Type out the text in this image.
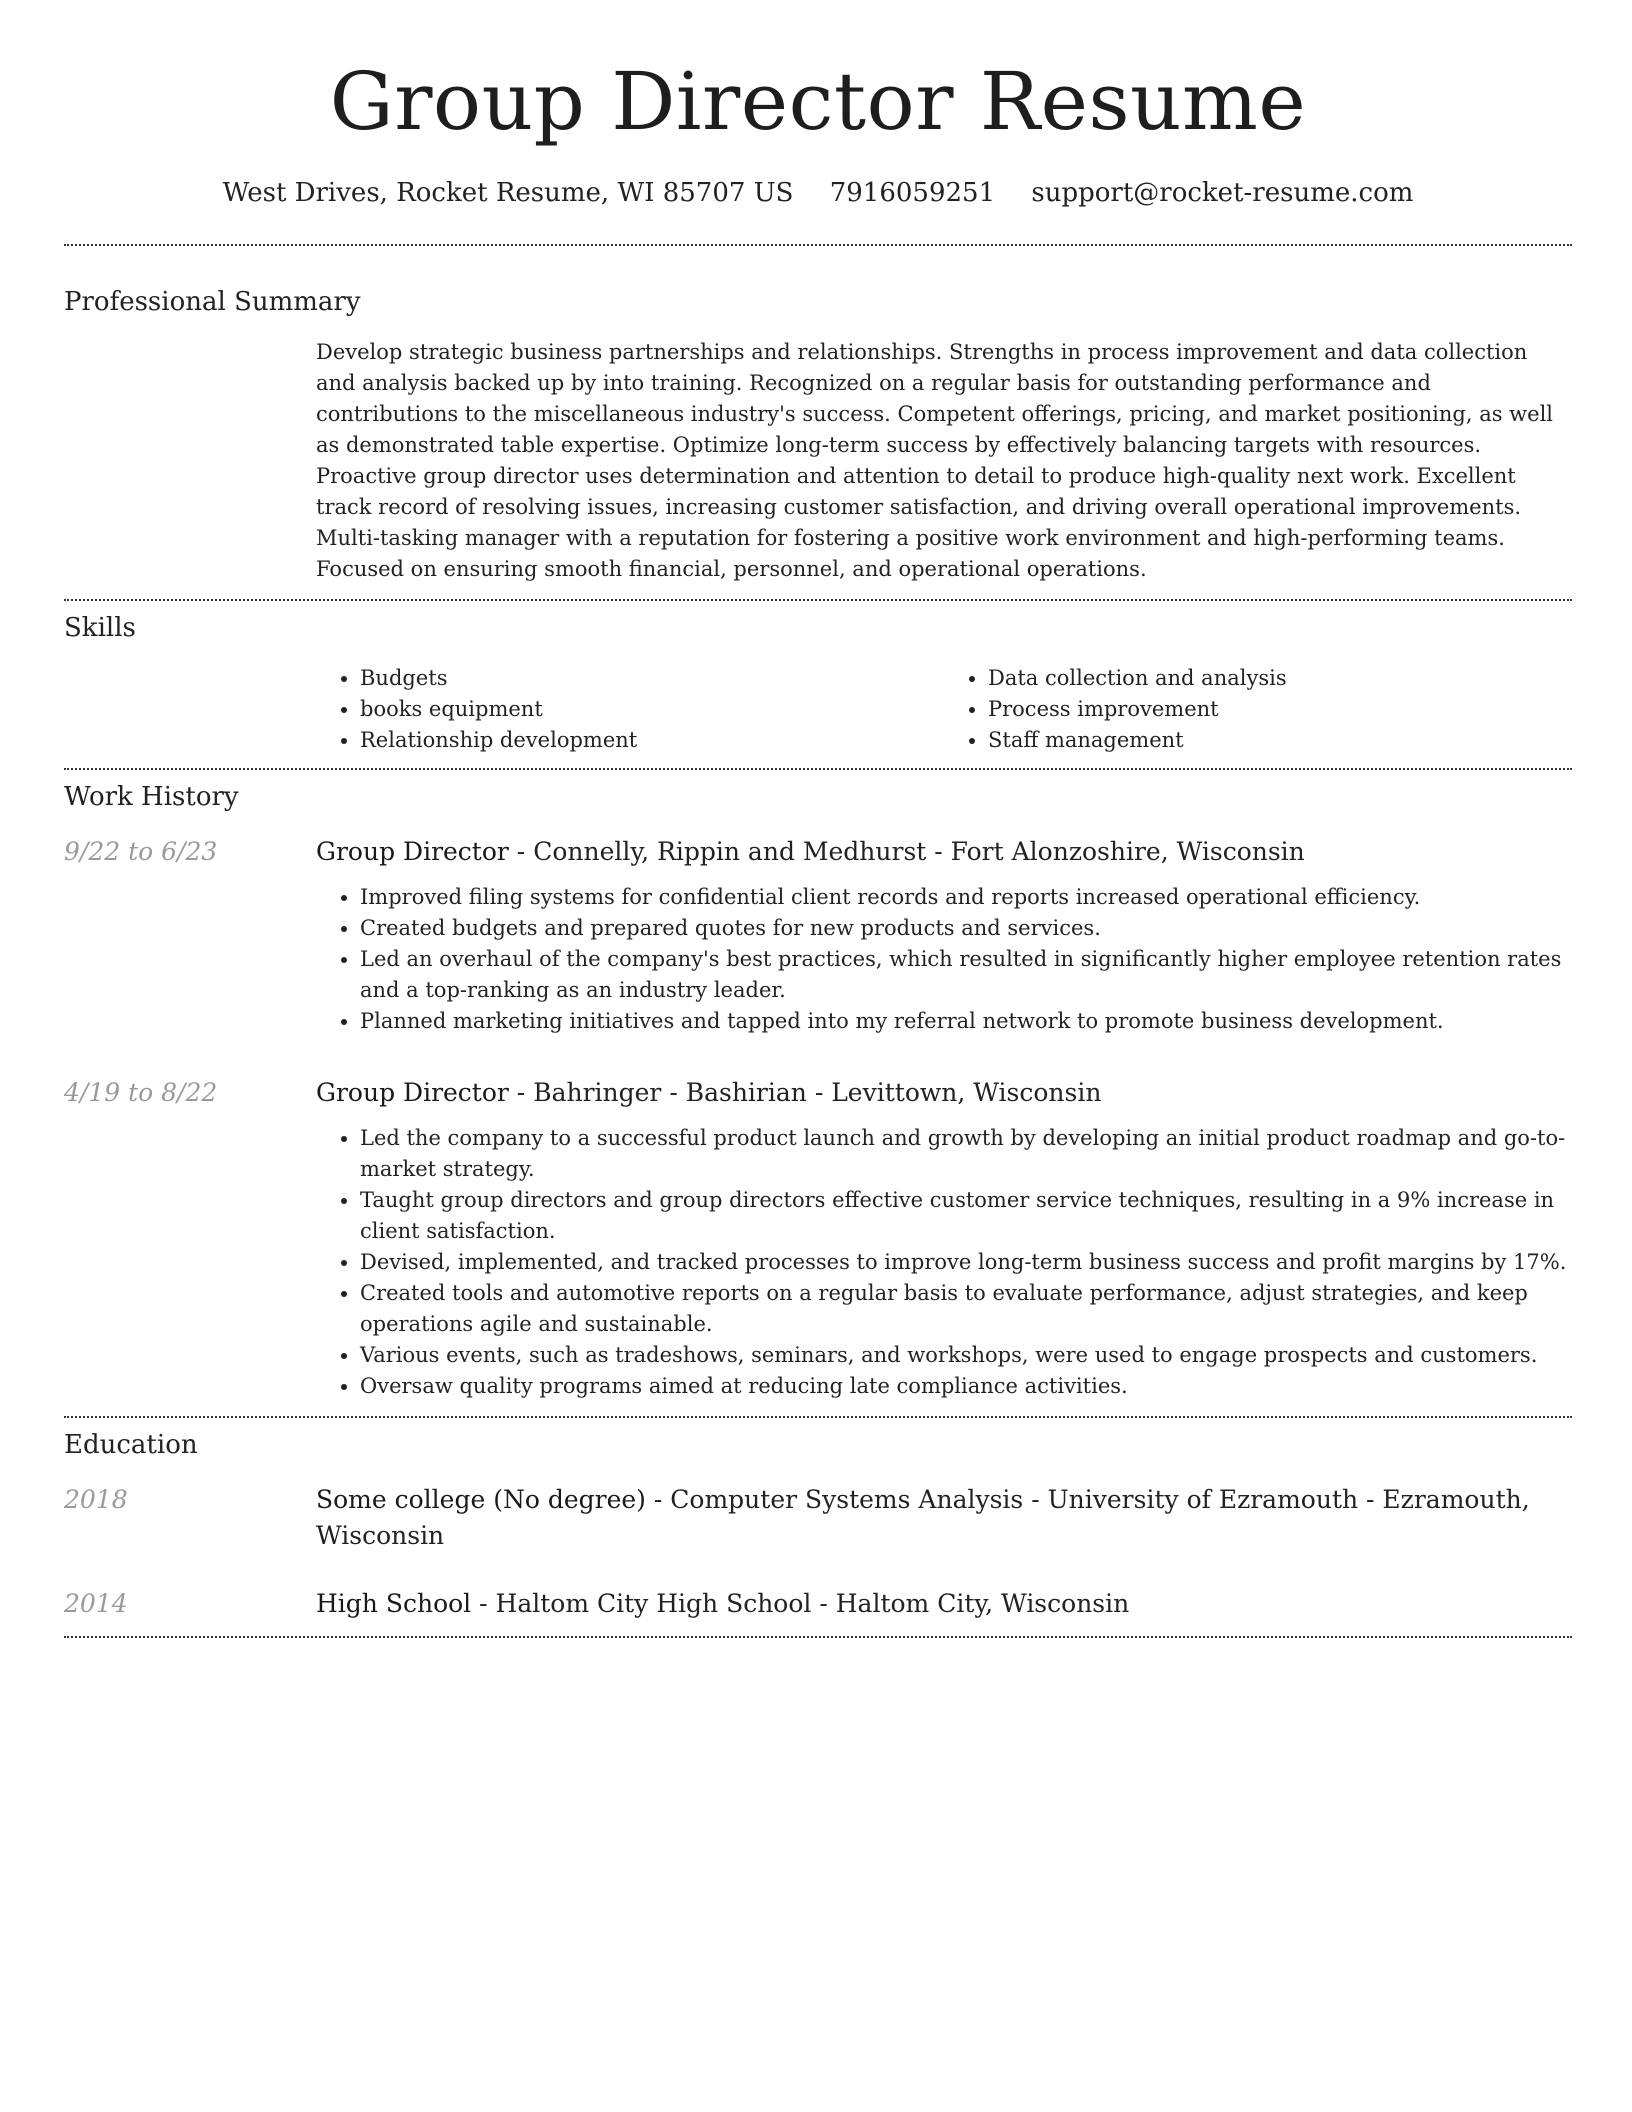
Group Director Resume
West Drives, Rocket Resume, WI 85707 US 7916059251 support@rocket-resume.com
Professional Summary

Develop strategic business partnerships and relationships. Strengths in process improvement and data collection and analysis backed up by into training. Recognized on a regular basis for outstanding performance and contributions to the miscellaneous industry's success. Competent offerings, pricing, and market positioning, as well as demonstrated table expertise. Optimize long-term success by effectively balancing targets with resources. Proactive group director uses determination and attention to detail to produce high-quality next work. Excellent track record of resolving issues, increasing customer satisfaction, and driving overall operational improvements. Multi-tasking manager with a reputation for fostering a positive work environment and high-performing teams. Focused on ensuring smooth financial, personnel, and operational operations.

Skills
• Budgets
• books equipment
• Relationship development
• Data collection and analysis
• Process improvement
• Staff management
Work History
9/22 to 6/23	Group Director - Connelly, Rippin and Medhurst - Fort Alonzoshire, Wisconsin

• Improved filing systems for confidential client records and reports increased operational efficiency.
• Created budgets and prepared quotes for new products and services.
• Led an overhaul of the company's best practices, which resulted in significantly higher employee retention rates and a top-ranking as an industry leader.
• Planned marketing initiatives and tapped into my referral network to promote business development.
4/19 to 8/22	Group Director - Bahringer - Bashirian - Levittown, Wisconsin

• Led the company to a successful product launch and growth by developing an initial product roadmap and go-to-market strategy.
• Taught group directors and group directors effective customer service techniques, resulting in a 9% increase in client satisfaction.
• Devised, implemented, and tracked processes to improve long-term business success and profit margins by 17%.
• Created tools and automotive reports on a regular basis to evaluate performance, adjust strategies, and keep operations agile and sustainable.
• Various events, such as tradeshows, seminars, and workshops, were used to engage prospects and customers.
• Oversaw quality programs aimed at reducing late compliance activities.
Education
2018	Some college (No degree) - Computer Systems Analysis - University of Ezramouth - Ezramouth, Wisconsin

2014	High School - Haltom City High School - Haltom City, Wisconsin
